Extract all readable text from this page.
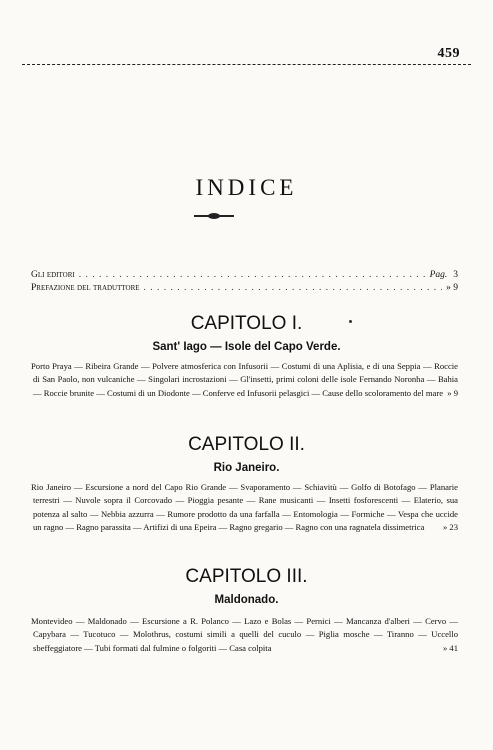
459
INDICE
Gli editori . . .	Pag. 3
Prefazione del traduttore . . .	» 9
CAPITOLO I.
Sant' Iago — Isole del Capo Verde.
Porto Praya — Ribeira Grande — Polvere atmosferica con Infusorii — Costumi di una Aplisia, e di una Seppia — Roccie di San Paolo, non vulcaniche — Singolari incrostazioni — Gl'insetti, primi coloni delle isole Fernando Noronha — Bahia — Roccie brunite — Costumi di un Diodonte — Conferve ed Infusorii pelasgici — Cause dello scoloramento del mare » 9
CAPITOLO II.
Rio Janeiro.
Rio Janeiro — Escursione a nord del Capo Rio Grande — Svaporamento — Schiavitù — Golfo di Botofago — Planarie terrestri — Nuvole sopra il Corcovado — Pioggia pesante — Rane musicanti — Insetti fosforescenti — Elaterio, sua potenza al salto — Nebbia azzurra — Rumore prodotto da una farfalla — Entomologia — Formiche — Vespa che uccide un ragno — Ragno parassita — Artifizi di una Epeira — Ragno gregario — Ragno con una ragnatela dissimetrica » 23
CAPITOLO III.
Maldonado.
Montevideo — Maldonado — Escursione a R. Polanco — Lazo e Bolas — Pernici — Mancanza d'alberi — Cervo — Capybara — Tucotuco — Molothrus, costumi simili a quelli del cuculo — Piglia mosche — Tiranno — Uccello sbeffeggiatore — Tubi formati dal fulmine o folgoriti — Casa colpita	» 41
